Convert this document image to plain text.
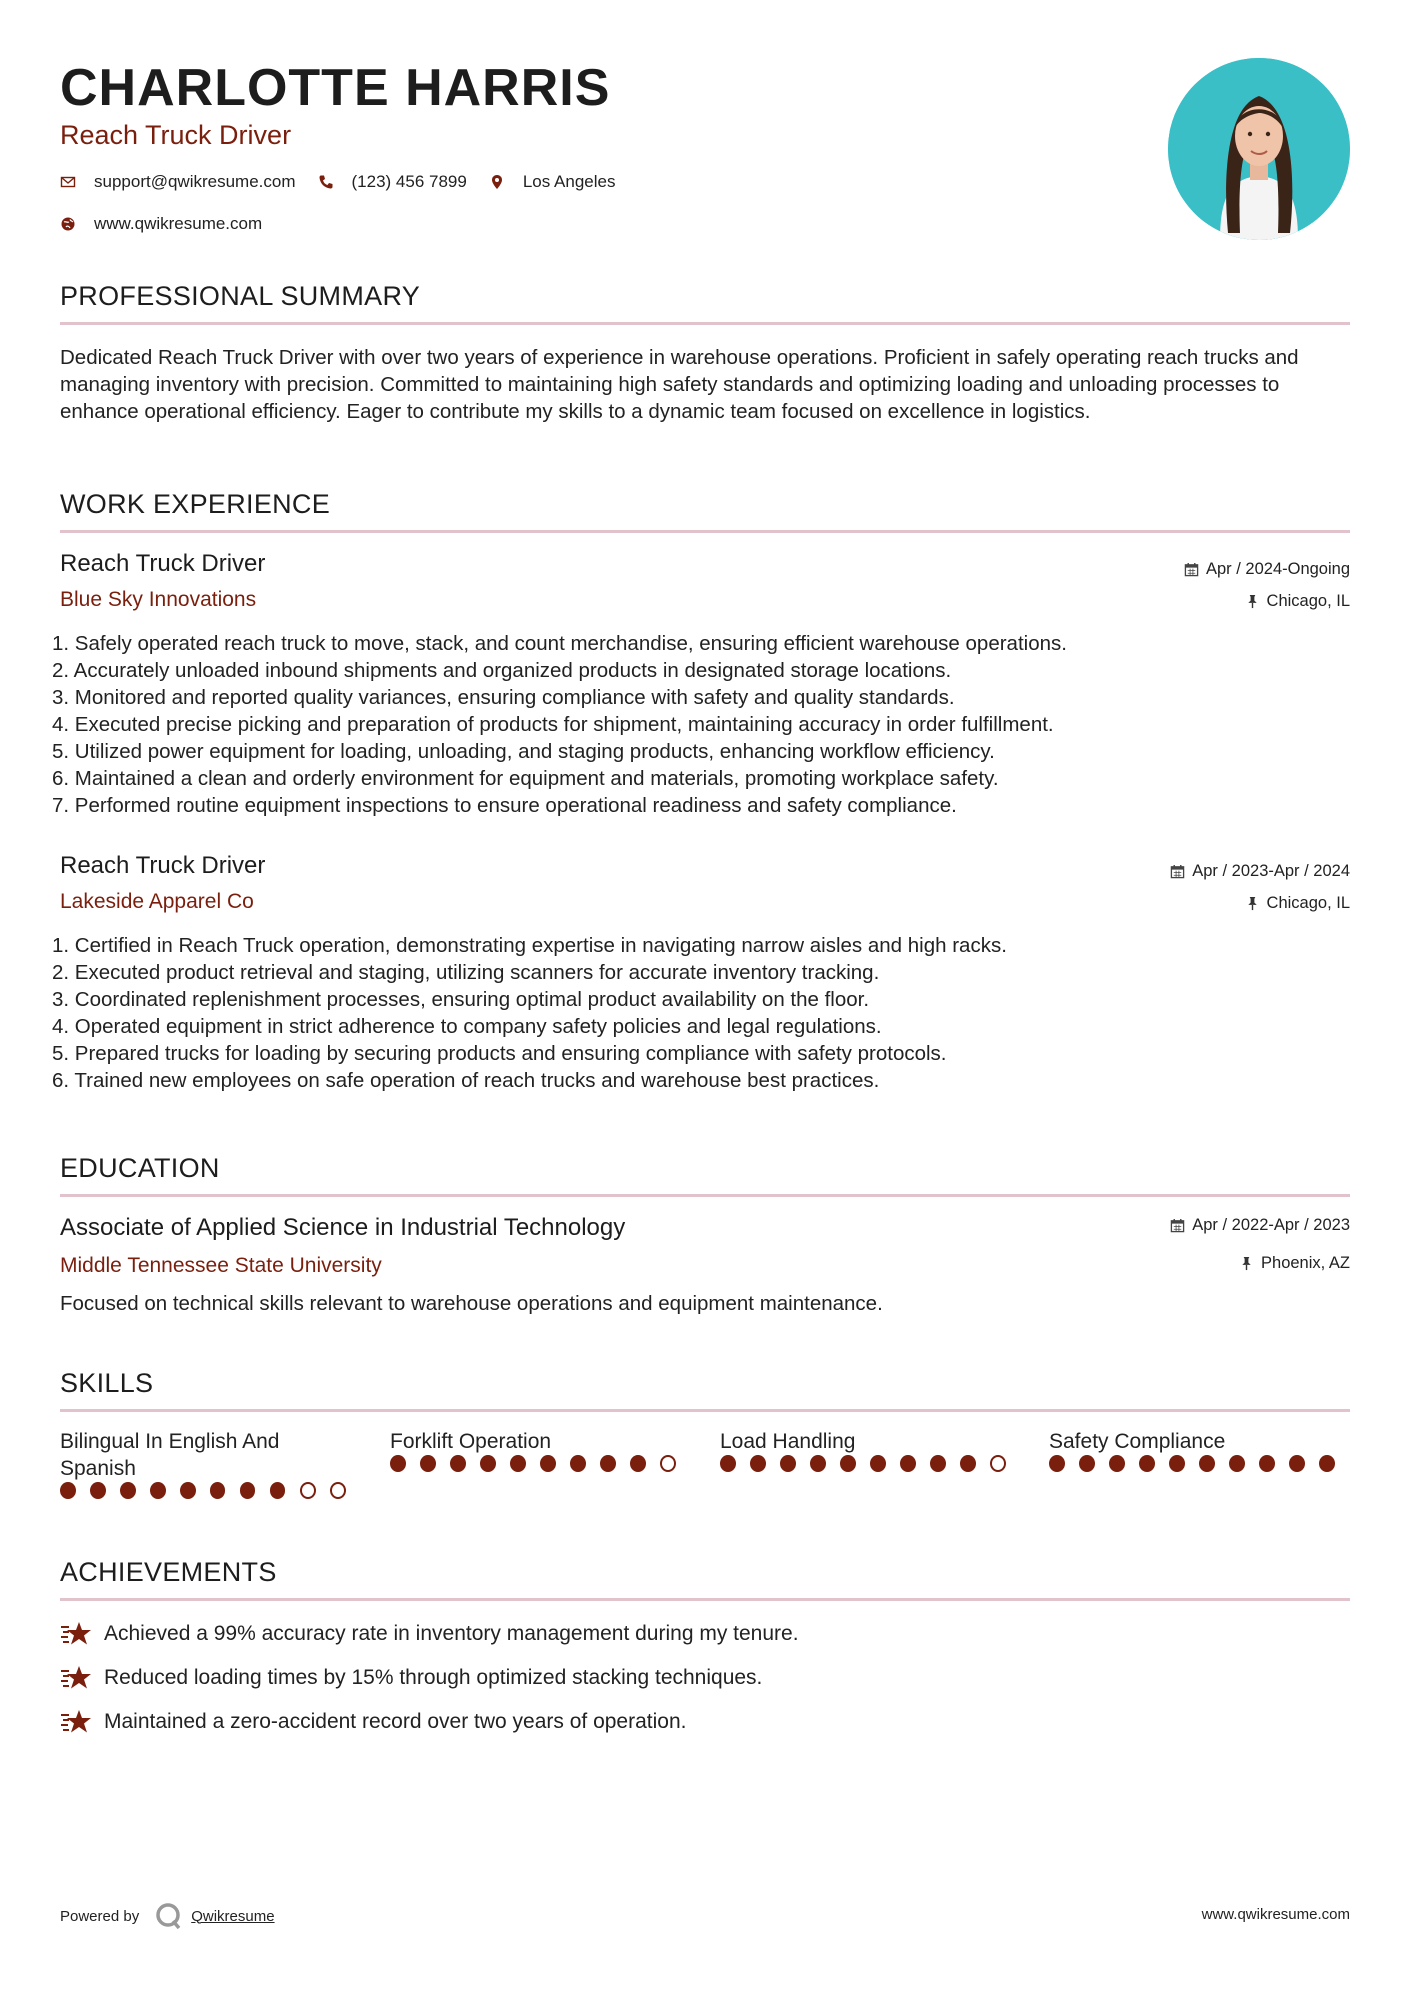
CHARLOTTE HARRIS
Reach Truck Driver
support@qwikresume.com	(123) 456 7899	Los Angeles
www.qwikresume.com
PROFESSIONAL SUMMARY
Dedicated Reach Truck Driver with over two years of experience in warehouse operations. Proficient in safely operating reach trucks and managing inventory with precision. Committed to maintaining high safety standards and optimizing loading and unloading processes to enhance operational efficiency. Eager to contribute my skills to a dynamic team focused on excellence in logistics.
WORK EXPERIENCE
Reach Truck Driver
Blue Sky Innovations
Apr / 2024-Ongoing
Chicago, IL
1. Safely operated reach truck to move, stack, and count merchandise, ensuring efficient warehouse operations.
2. Accurately unloaded inbound shipments and organized products in designated storage locations.
3. Monitored and reported quality variances, ensuring compliance with safety and quality standards.
4. Executed precise picking and preparation of products for shipment, maintaining accuracy in order fulfillment.
5. Utilized power equipment for loading, unloading, and staging products, enhancing workflow efficiency.
6. Maintained a clean and orderly environment for equipment and materials, promoting workplace safety.
7. Performed routine equipment inspections to ensure operational readiness and safety compliance.
Reach Truck Driver
Lakeside Apparel Co
Apr / 2023-Apr / 2024
Chicago, IL
1. Certified in Reach Truck operation, demonstrating expertise in navigating narrow aisles and high racks.
2. Executed product retrieval and staging, utilizing scanners for accurate inventory tracking.
3. Coordinated replenishment processes, ensuring optimal product availability on the floor.
4. Operated equipment in strict adherence to company safety policies and legal regulations.
5. Prepared trucks for loading by securing products and ensuring compliance with safety protocols.
6. Trained new employees on safe operation of reach trucks and warehouse best practices.
EDUCATION
Associate of Applied Science in Industrial Technology
Middle Tennessee State University
Apr / 2022-Apr / 2023
Phoenix, AZ
Focused on technical skills relevant to warehouse operations and equipment maintenance.
SKILLS
Bilingual In English And Spanish
Forklift Operation	Load Handling	Safety Compliance
ACHIEVEMENTS
Achieved a 99% accuracy rate in inventory management during my tenure.
Reduced loading times by 15% through optimized stacking techniques.
Maintained a zero-accident record over two years of operation.
Powered by	Qwikresume	www.qwikresume.com
